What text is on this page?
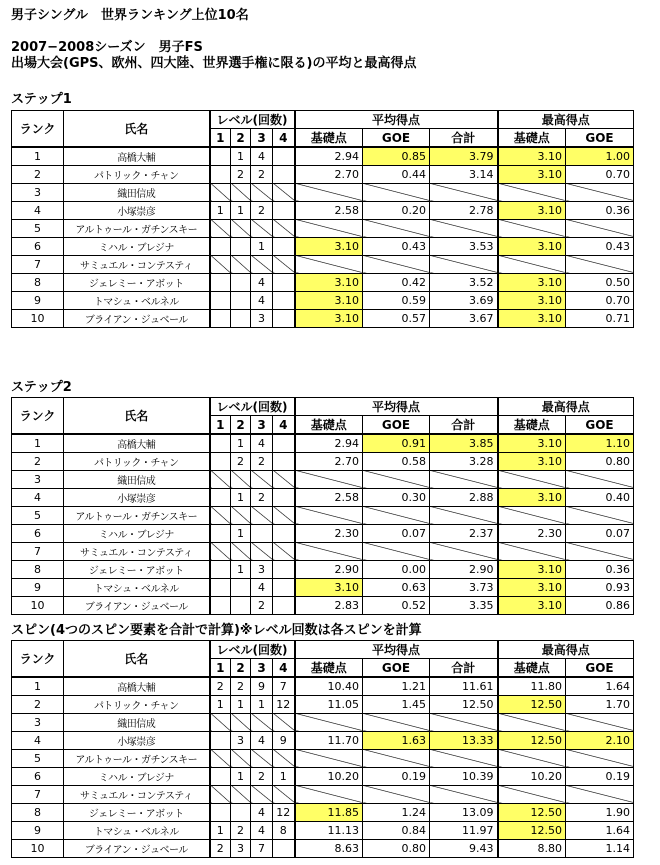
男子シングル　世界ランキング上位10名
2007−2008シーズン　男子FS
出場大会(GPS、欧州、四大陸、世界選手権に限る)の平均と最高得点
ステップ1
ランク	氏名	レベル(回数)				平均得点			最高得点	
		1	2	3	4	基礎点	GOE	合計	基礎点	GOE
1	高橋大輔		1	4		2.94	0.85	3.79	3.10	1.00
2	パトリック・チャン		2	2		2.70	0.44	3.14	3.10	0.70
3	織田信成									
4	小塚崇彦	1	1	2		2.58	0.20	2.78	3.10	0.36
5	アルトゥール・ガチンスキー									
6	ミハル・ブレジナ			1		3.10	0.43	3.53	3.10	0.43
7	サミュエル・コンテスティ									
8	ジェレミー・アボット			4		3.10	0.42	3.52	3.10	0.50
9	トマシュ・ベルネル			4		3.10	0.59	3.69	3.10	0.70
10	ブライアン・ジュベール			3		3.10	0.57	3.67	3.10	0.71
ステップ2
ランク	氏名	レベル(回数)				平均得点			最高得点	
		1	2	3	4	基礎点	GOE	合計	基礎点	GOE
1	高橋大輔		1	4		2.94	0.91	3.85	3.10	1.10
2	パトリック・チャン		2	2		2.70	0.58	3.28	3.10	0.80
3	織田信成									
4	小塚崇彦		1	2		2.58	0.30	2.88	3.10	0.40
5	アルトゥール・ガチンスキー									
6	ミハル・ブレジナ		1			2.30	0.07	2.37	2.30	0.07
7	サミュエル・コンテスティ									
8	ジェレミー・アボット		1	3		2.90	0.00	2.90	3.10	0.36
9	トマシュ・ベルネル			4		3.10	0.63	3.73	3.10	0.93
10	ブライアン・ジュベール			2		2.83	0.52	3.35	3.10	0.86
スピン(4つのスピン要素を合計で計算)※レベル回数は各スピンを計算
ランク	氏名	レベル(回数)				平均得点			最高得点	
		1	2	3	4	基礎点	GOE	合計	基礎点	GOE
1	高橋大輔	2	2	9	7	10.40	1.21	11.61	11.80	1.64
2	パトリック・チャン	1	1	1	12	11.05	1.45	12.50	12.50	1.70
3	織田信成									
4	小塚崇彦		3	4	9	11.70	1.63	13.33	12.50	2.10
5	アルトゥール・ガチンスキー									
6	ミハル・ブレジナ		1	2	1	10.20	0.19	10.39	10.20	0.19
7	サミュエル・コンテスティ									
8	ジェレミー・アボット			4	12	11.85	1.24	13.09	12.50	1.90
9	トマシュ・ベルネル	1	2	4	8	11.13	0.84	11.97	12.50	1.64
10	ブライアン・ジュベール	2	3	7		8.63	0.80	9.43	8.80	1.14
